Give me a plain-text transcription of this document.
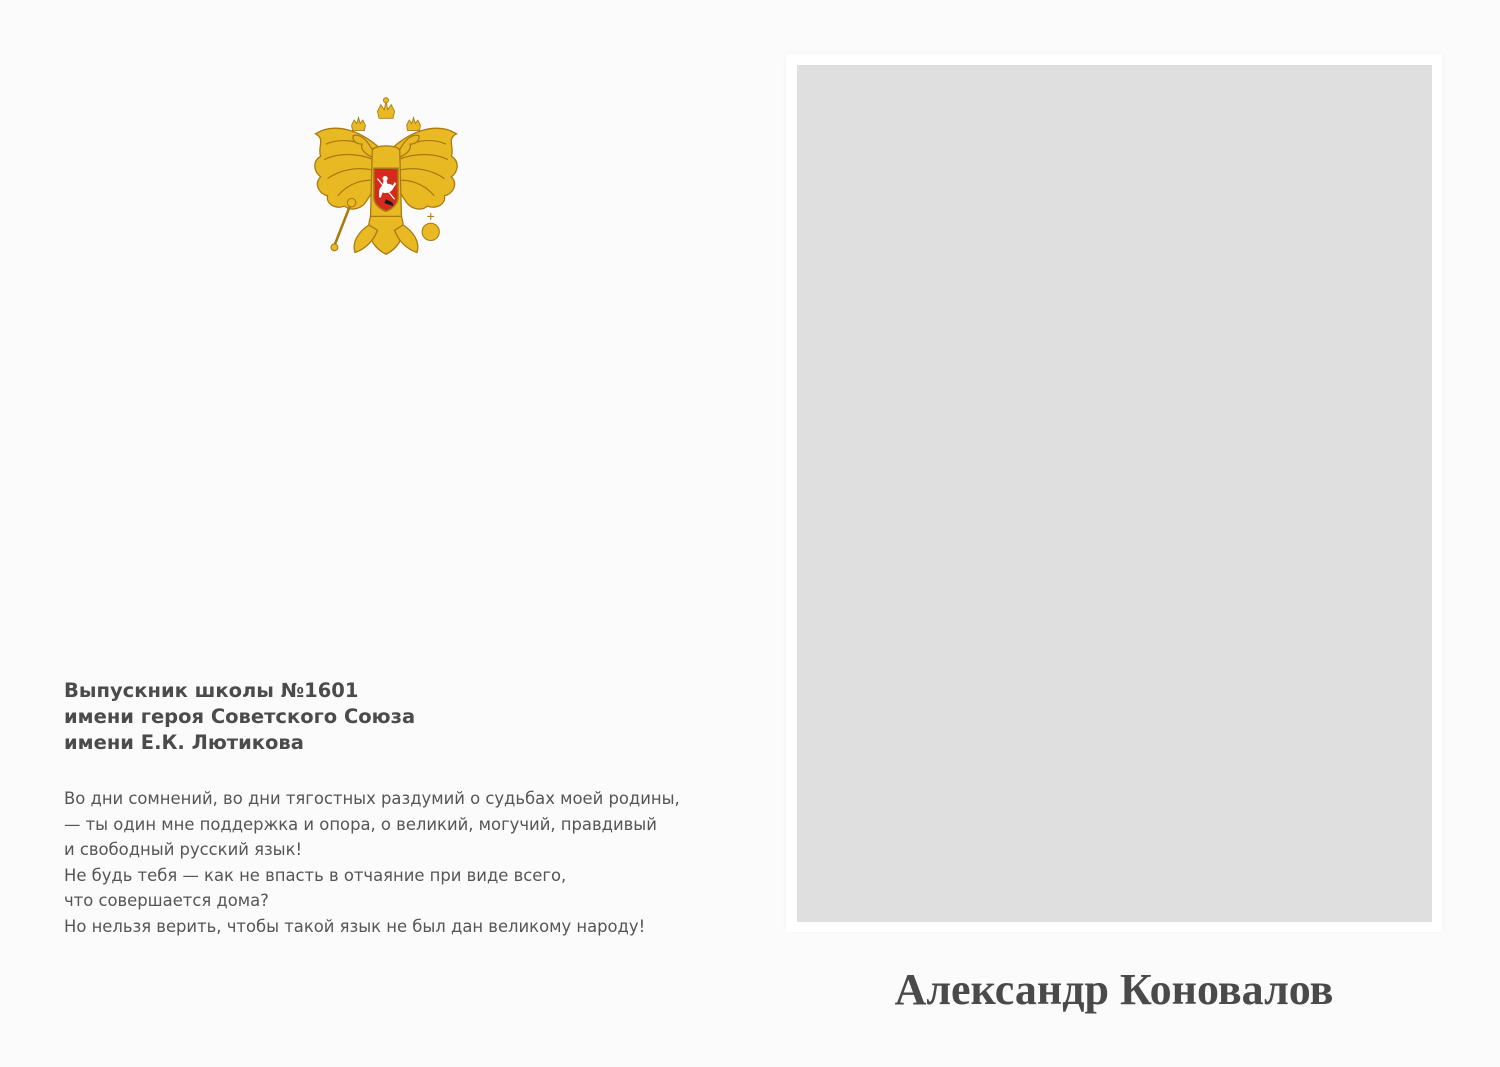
Выпускник школы №1601
имени героя Советского Союза
имени Е.К. Лютикова
Во дни сомнений, во дни тягостных раздумий о судьбах моей родины,
— ты один мне поддержка и опора, о великий, могучий, правдивый
и свободный русский язык!
Не будь тебя — как не впасть в отчаяние при виде всего,
что совершается дома?
Но нельзя верить, чтобы такой язык не был дан великому народу!
Александр Коновалов
